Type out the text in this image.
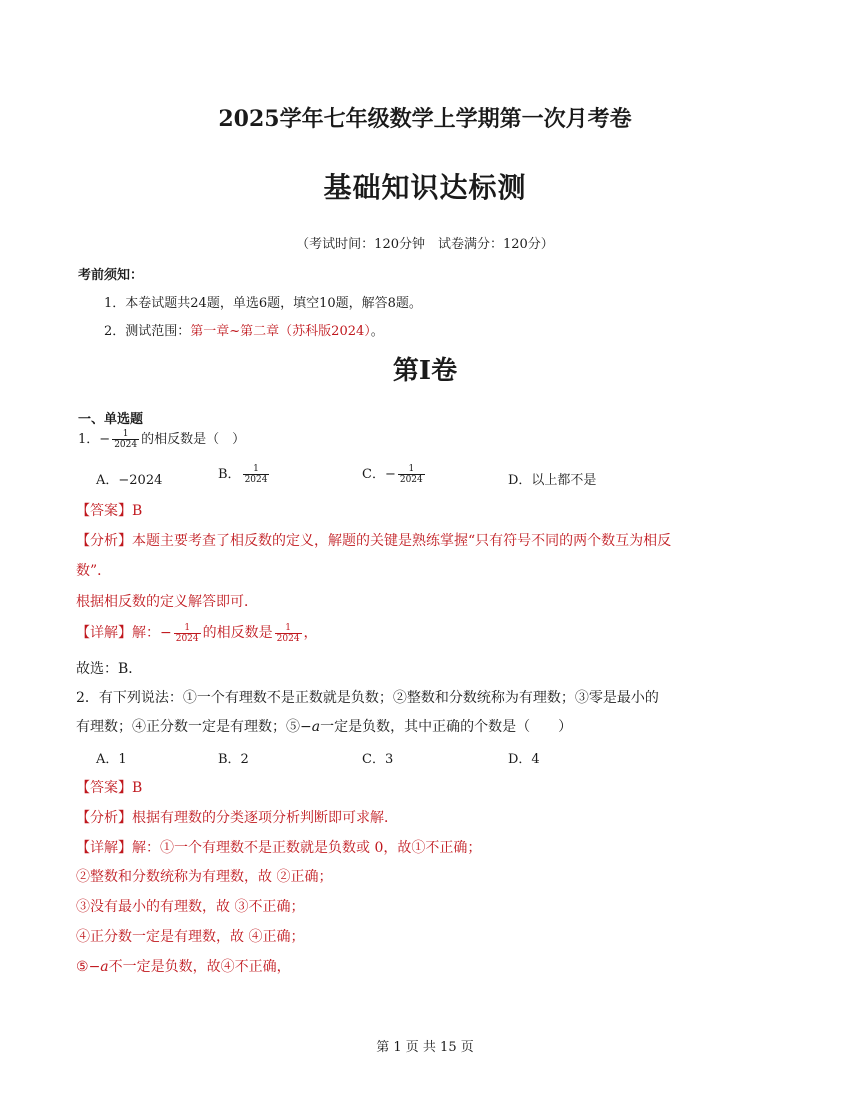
2025学年七年级数学上学期第一次月考卷
基础知识达标测
（考试时间：120分钟　试卷满分：120分）
考前须知：
1．本卷试题共24题，单选6题，填空10题，解答8题。
2．测试范围：第一章~第二章（苏科版2024）。
第I卷
一、单选题
1．− $\frac{1}{2024}$ 的相反数是（　）
A．−2024	B． $\frac{1}{2024}$	C．− $\frac{1}{2024}$	D．以上都不是
【答案】B
【分析】本题主要考查了相反数的定义，解题的关键是熟练掌握“只有符号不同的两个数互为相反
数”．
根据相反数的定义解答即可．
【详解】解：− $\frac{1}{2024}$ 的相反数是 $\frac{1}{2024}$ ，
故选：B．
2．有下列说法：①一个有理数不是正数就是负数；②整数和分数统称为有理数；③零是最小的
有理数；④正分数一定是有理数；⑤−𝑎一定是负数，其中正确的个数是（　　）
A．1	B．2	C．3	D．4
【答案】B
【分析】根据有理数的分类逐项分析判断即可求解．
【详解】解：①一个有理数不是正数就是负数或 0，故①不正确；
②整数和分数统称为有理数，故 ②正确；
③没有最小的有理数，故 ③不正确；
④正分数一定是有理数，故 ④正确；
⑤−𝑎不一定是负数，故④不正确，
第 1 页 共 15 页
